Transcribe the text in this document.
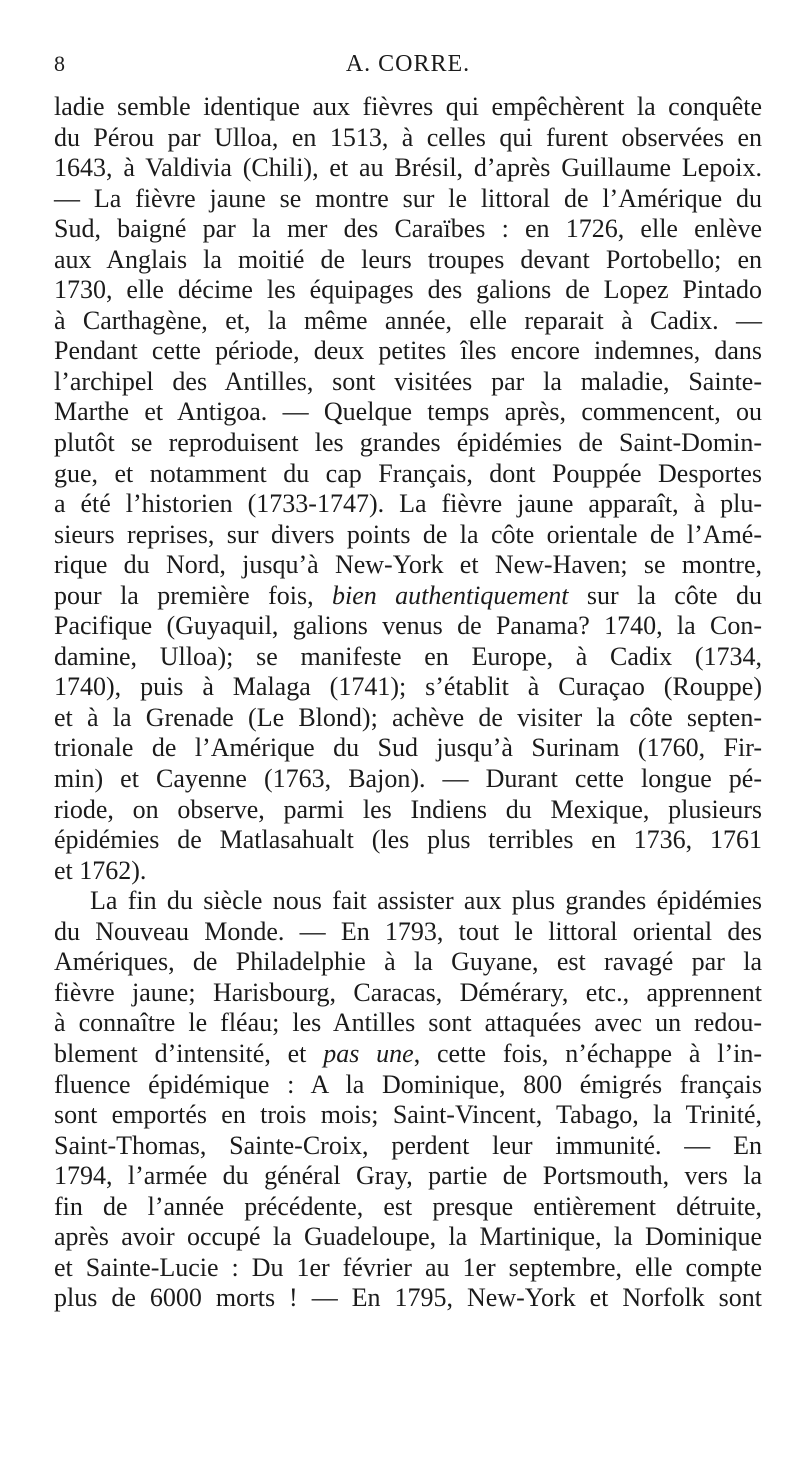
8	A. CORRE.
ladie semble identique aux fièvres qui empêchèrent la conquête
du Pérou par Ulloa, en 1513, à celles qui furent observées en
1643, à Valdivia (Chili), et au Brésil, d’après Guillaume Lepoix.
— La fièvre jaune se montre sur le littoral de l’Amérique du
Sud, baigné par la mer des Caraïbes : en 1726, elle enlève
aux Anglais la moitié de leurs troupes devant Portobello; en
1730, elle décime les équipages des galions de Lopez Pintado
à Carthagène, et, la même année, elle reparait à Cadix. —
Pendant cette période, deux petites îles encore indemnes, dans
l’archipel des Antilles, sont visitées par la maladie, Sainte-
Marthe et Antigoa. — Quelque temps après, commencent, ou
plutôt se reproduisent les grandes épidémies de Saint-Domin-
gue, et notamment du cap Français, dont Pouppée Desportes
a été l’historien (1733-1747). La fièvre jaune apparaît, à plu-
sieurs reprises, sur divers points de la côte orientale de l’Amé-
rique du Nord, jusqu’à New-York et New-Haven; se montre,
pour la première fois, bien authentiquement sur la côte du
Pacifique (Guyaquil, galions venus de Panama? 1740, la Con-
damine, Ulloa); se manifeste en Europe, à Cadix (1734,
1740), puis à Malaga (1741); s’établit à Curaçao (Rouppe)
et à la Grenade (Le Blond); achève de visiter la côte septen-
trionale de l’Amérique du Sud jusqu’à Surinam (1760, Fir-
min) et Cayenne (1763, Bajon). — Durant cette longue pé-
riode, on observe, parmi les Indiens du Mexique, plusieurs
épidémies de Matlasahualt (les plus terribles en 1736, 1761
et 1762).
La fin du siècle nous fait assister aux plus grandes épidémies
du Nouveau Monde. — En 1793, tout le littoral oriental des
Amériques, de Philadelphie à la Guyane, est ravagé par la
fièvre jaune; Harisbourg, Caracas, Démérary, etc., apprennent
à connaître le fléau; les Antilles sont attaquées avec un redou-
blement d’intensité, et pas une, cette fois, n’échappe à l’in-
fluence épidémique : A la Dominique, 800 émigrés français
sont emportés en trois mois; Saint-Vincent, Tabago, la Trinité,
Saint-Thomas, Sainte-Croix, perdent leur immunité. — En
1794, l’armée du général Gray, partie de Portsmouth, vers la
fin de l’année précédente, est presque entièrement détruite,
après avoir occupé la Guadeloupe, la Martinique, la Dominique
et Sainte-Lucie : Du 1er février au 1er septembre, elle compte
plus de 6000 morts ! — En 1795, New-York et Norfolk sont
